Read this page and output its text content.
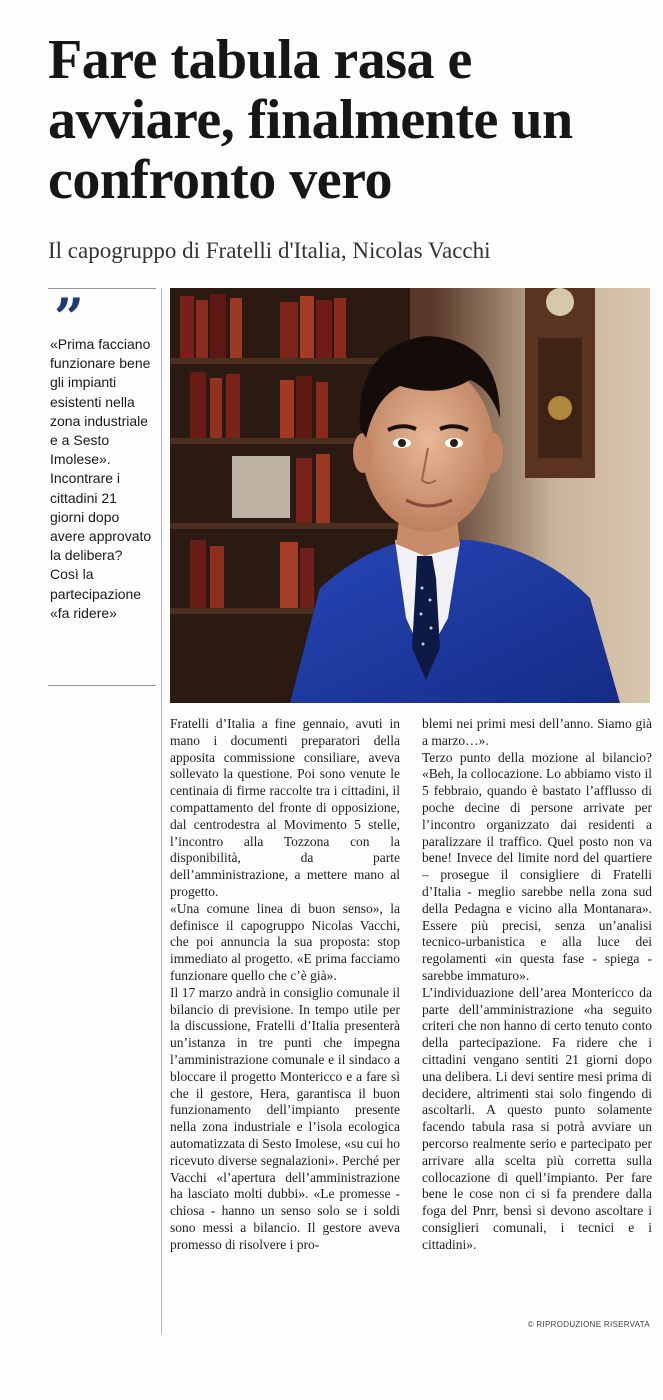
Fare tabula rasa e avviare, finalmente un confronto vero
Il capogruppo di Fratelli d'Italia, Nicolas Vacchi
”
«Prima facciano funzionare bene gli impianti esistenti nella zona industriale e a Sesto Imolese». Incontrare i cittadini 21 giorni dopo avere approvato la delibera? Così la partecipazione «fa ridere»

Fratelli d’Italia a fine gennaio, avuti in mano i documenti preparatori della apposita commissione consiliare, aveva sollevato la questione. Poi sono venute le centinaia di firme raccolte tra i cittadini, il compattamento del fronte di opposizione, dal centrodestra al Movimento 5 stelle, l’incontro alla Tozzona con la disponibilità, da parte dell’amministrazione, a mettere mano al progetto.

«Una comune linea di buon senso», la definisce il capogruppo Nicolas Vacchi, che poi annuncia la sua proposta: stop immediato al progetto. «E prima facciamo funzionare quello che c’è già».

Il 17 marzo andrà in consiglio comunale il bilancio di previsione. In tempo utile per la discussione, Fratelli d’Italia presenterà un’istanza in tre punti che impegna l’amministrazione comunale e il sindaco a bloccare il progetto Montericco e a fare sì che il gestore, Hera, garantisca il buon funzionamento dell’impianto presente nella zona industriale e l’isola ecologica automatizzata di Sesto Imolese, «su cui ho ricevuto diverse segnalazioni». Perché per Vacchi «l’apertura dell’amministrazione ha lasciato molti dubbi». «Le promesse - chiosa - hanno un senso solo se i soldi sono messi a bilancio. Il gestore aveva promesso di risolvere i pro-

blemi nei primi mesi dell’anno. Siamo già a marzo…».

Terzo punto della mozione al bilancio? «Beh, la collocazione. Lo abbiamo visto il 5 febbraio, quando è bastato l’afflusso di poche decine di persone arrivate per l’incontro organizzato dai residenti a paralizzare il traffico. Quel posto non va bene! Invece del limite nord del quartiere – prosegue il consigliere di Fratelli d’Italia - meglio sarebbe nella zona sud della Pedagna e vicino alla Montanara». Essere più precisi, senza un’analisi tecnico-urbanistica e alla luce dei regolamenti «in questa fase - spiega - sarebbe immaturo».

L’individuazione dell’area Montericco da parte dell’amministrazione «ha seguito criteri che non hanno di certo tenuto conto della partecipazione. Fa ridere che i cittadini vengano sentiti 21 giorni dopo una delibera. Li devi sentire mesi prima di decidere, altrimenti stai solo fingendo di ascoltarli. A questo punto solamente facendo tabula rasa si potrà avviare un percorso realmente serio e partecipato per arrivare alla scelta più corretta sulla collocazione di quell’impianto. Per fare bene le cose non ci si fa prendere dalla foga del Pnrr, bensì si devono ascoltare i consiglieri comunali, i tecnici e i cittadini».

© RIPRODUZIONE RISERVATA
